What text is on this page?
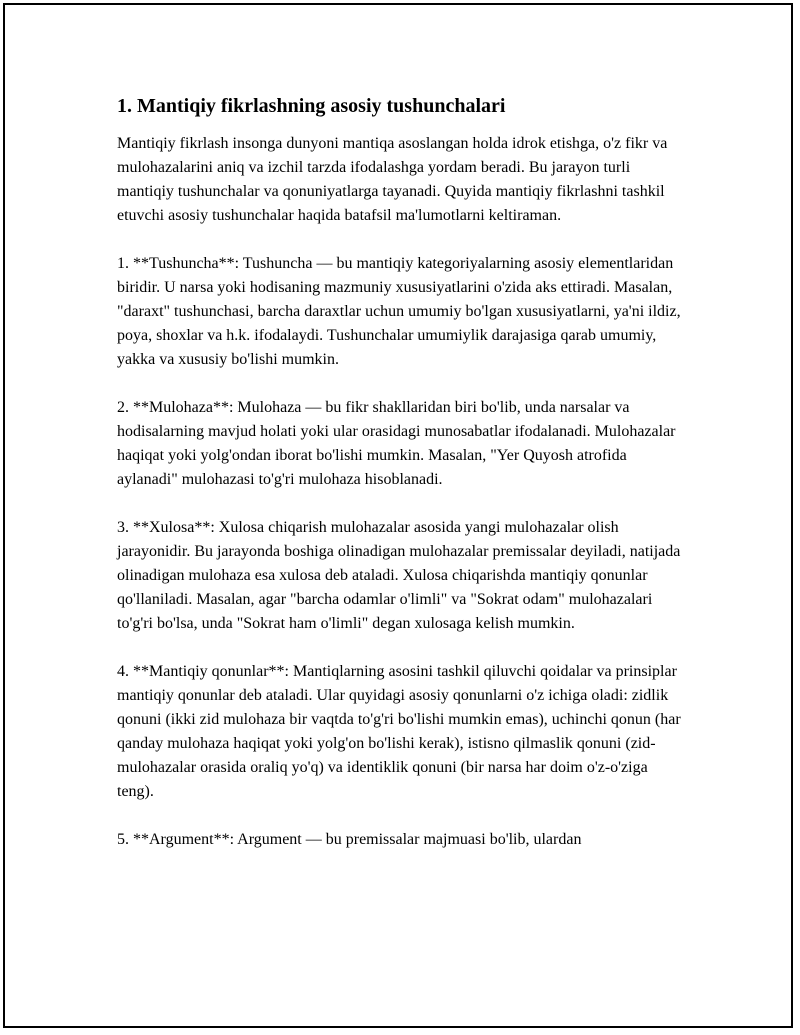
1. Mantiqiy fikrlashning asosiy tushunchalari

Mantiqiy fikrlash insonga dunyoni mantiqa asoslangan holda idrok etishga, o'z fikr va mulohazalarini aniq va izchil tarzda ifodalashga yordam beradi. Bu jarayon turli mantiqiy tushunchalar va qonuniyatlarga tayanadi. Quyida mantiqiy fikrlashni tashkil etuvchi asosiy tushunchalar haqida batafsil ma'lumotlarni keltiraman.

1. **Tushuncha**: Tushuncha — bu mantiqiy kategoriyalarning asosiy elementlaridan biridir. U narsa yoki hodisaning mazmuniy xususiyatlarini o'zida aks ettiradi. Masalan, "daraxt" tushunchasi, barcha daraxtlar uchun umumiy bo'lgan xususiyatlarni, ya'ni ildiz, poya, shoxlar va h.k. ifodalaydi. Tushunchalar umumiylik darajasiga qarab umumiy, yakka va xususiy bo'lishi mumkin.

2. **Mulohaza**: Mulohaza — bu fikr shakllaridan biri bo'lib, unda narsalar va hodisalarning mavjud holati yoki ular orasidagi munosabatlar ifodalanadi. Mulohazalar haqiqat yoki yolg'ondan iborat bo'lishi mumkin. Masalan, "Yer Quyosh atrofida aylanadi" mulohazasi to'g'ri mulohaza hisoblanadi.

3. **Xulosa**: Xulosa chiqarish mulohazalar asosida yangi mulohazalar olish jarayonidir. Bu jarayonda boshiga olinadigan mulohazalar premissalar deyiladi, natijada olinadigan mulohaza esa xulosa deb ataladi. Xulosa chiqarishda mantiqiy qonunlar qo'llaniladi. Masalan, agar "barcha odamlar o'limli" va "Sokrat odam" mulohazalari to'g'ri bo'lsa, unda "Sokrat ham o'limli" degan xulosaga kelish mumkin.

4. **Mantiqiy qonunlar**: Mantiqlarning asosini tashkil qiluvchi qoidalar va prinsiplar mantiqiy qonunlar deb ataladi. Ular quyidagi asosiy qonunlarni o'z ichiga oladi: zidlik qonuni (ikki zid mulohaza bir vaqtda to'g'ri bo'lishi mumkin emas), uchinchi qonun (har qanday mulohaza haqiqat yoki yolg'on bo'lishi kerak), istisno qilmaslik qonuni (zid-mulohazalar orasida oraliq yo'q) va identiklik qonuni (bir narsa har doim o'z-o'ziga teng).

5. **Argument**: Argument — bu premissalar majmuasi bo'lib, ulardan
